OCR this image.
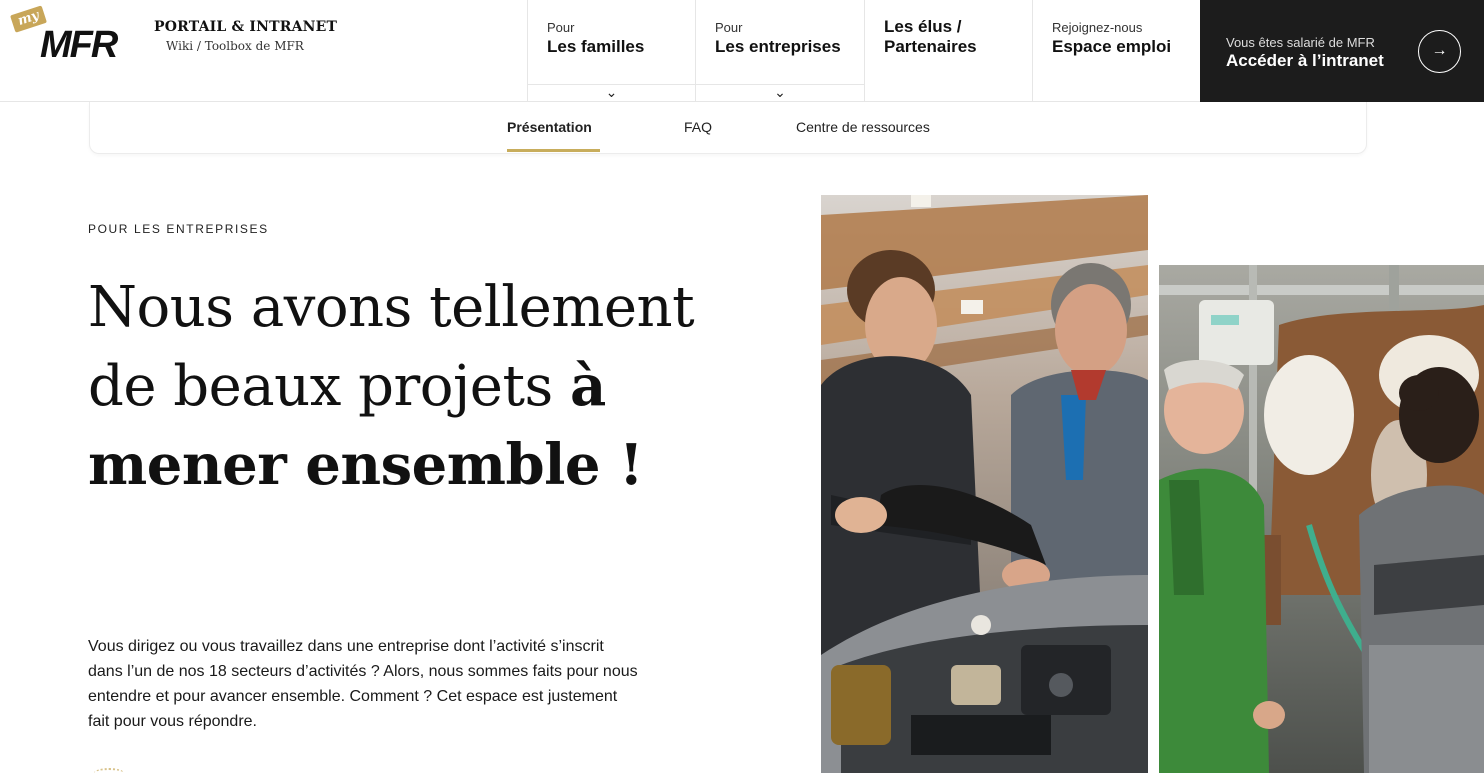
my
MFR	PORTAIL & INTRANET
Wiki / Toolbox de MFR
Pour
Les familles
⌄
Pour
Les entreprises
⌄
Les élus /
Partenaires
Rejoignez-nous
Espace emploi	Vous êtes salarié de MFR
Accéder à l’intranet
→
Présentation	FAQ	Centre de ressources
POUR LES ENTREPRISES
Nous avons tellement de beaux projets à mener ensemble !

Vous dirigez ou vous travaillez dans une entreprise dont l’activité s’inscrit dans l’un de nos 18 secteurs d’activités ? Alors, nous sommes faits pour nous entendre et pour avancer ensemble. Comment ? Cet espace est justement fait pour vous répondre.
